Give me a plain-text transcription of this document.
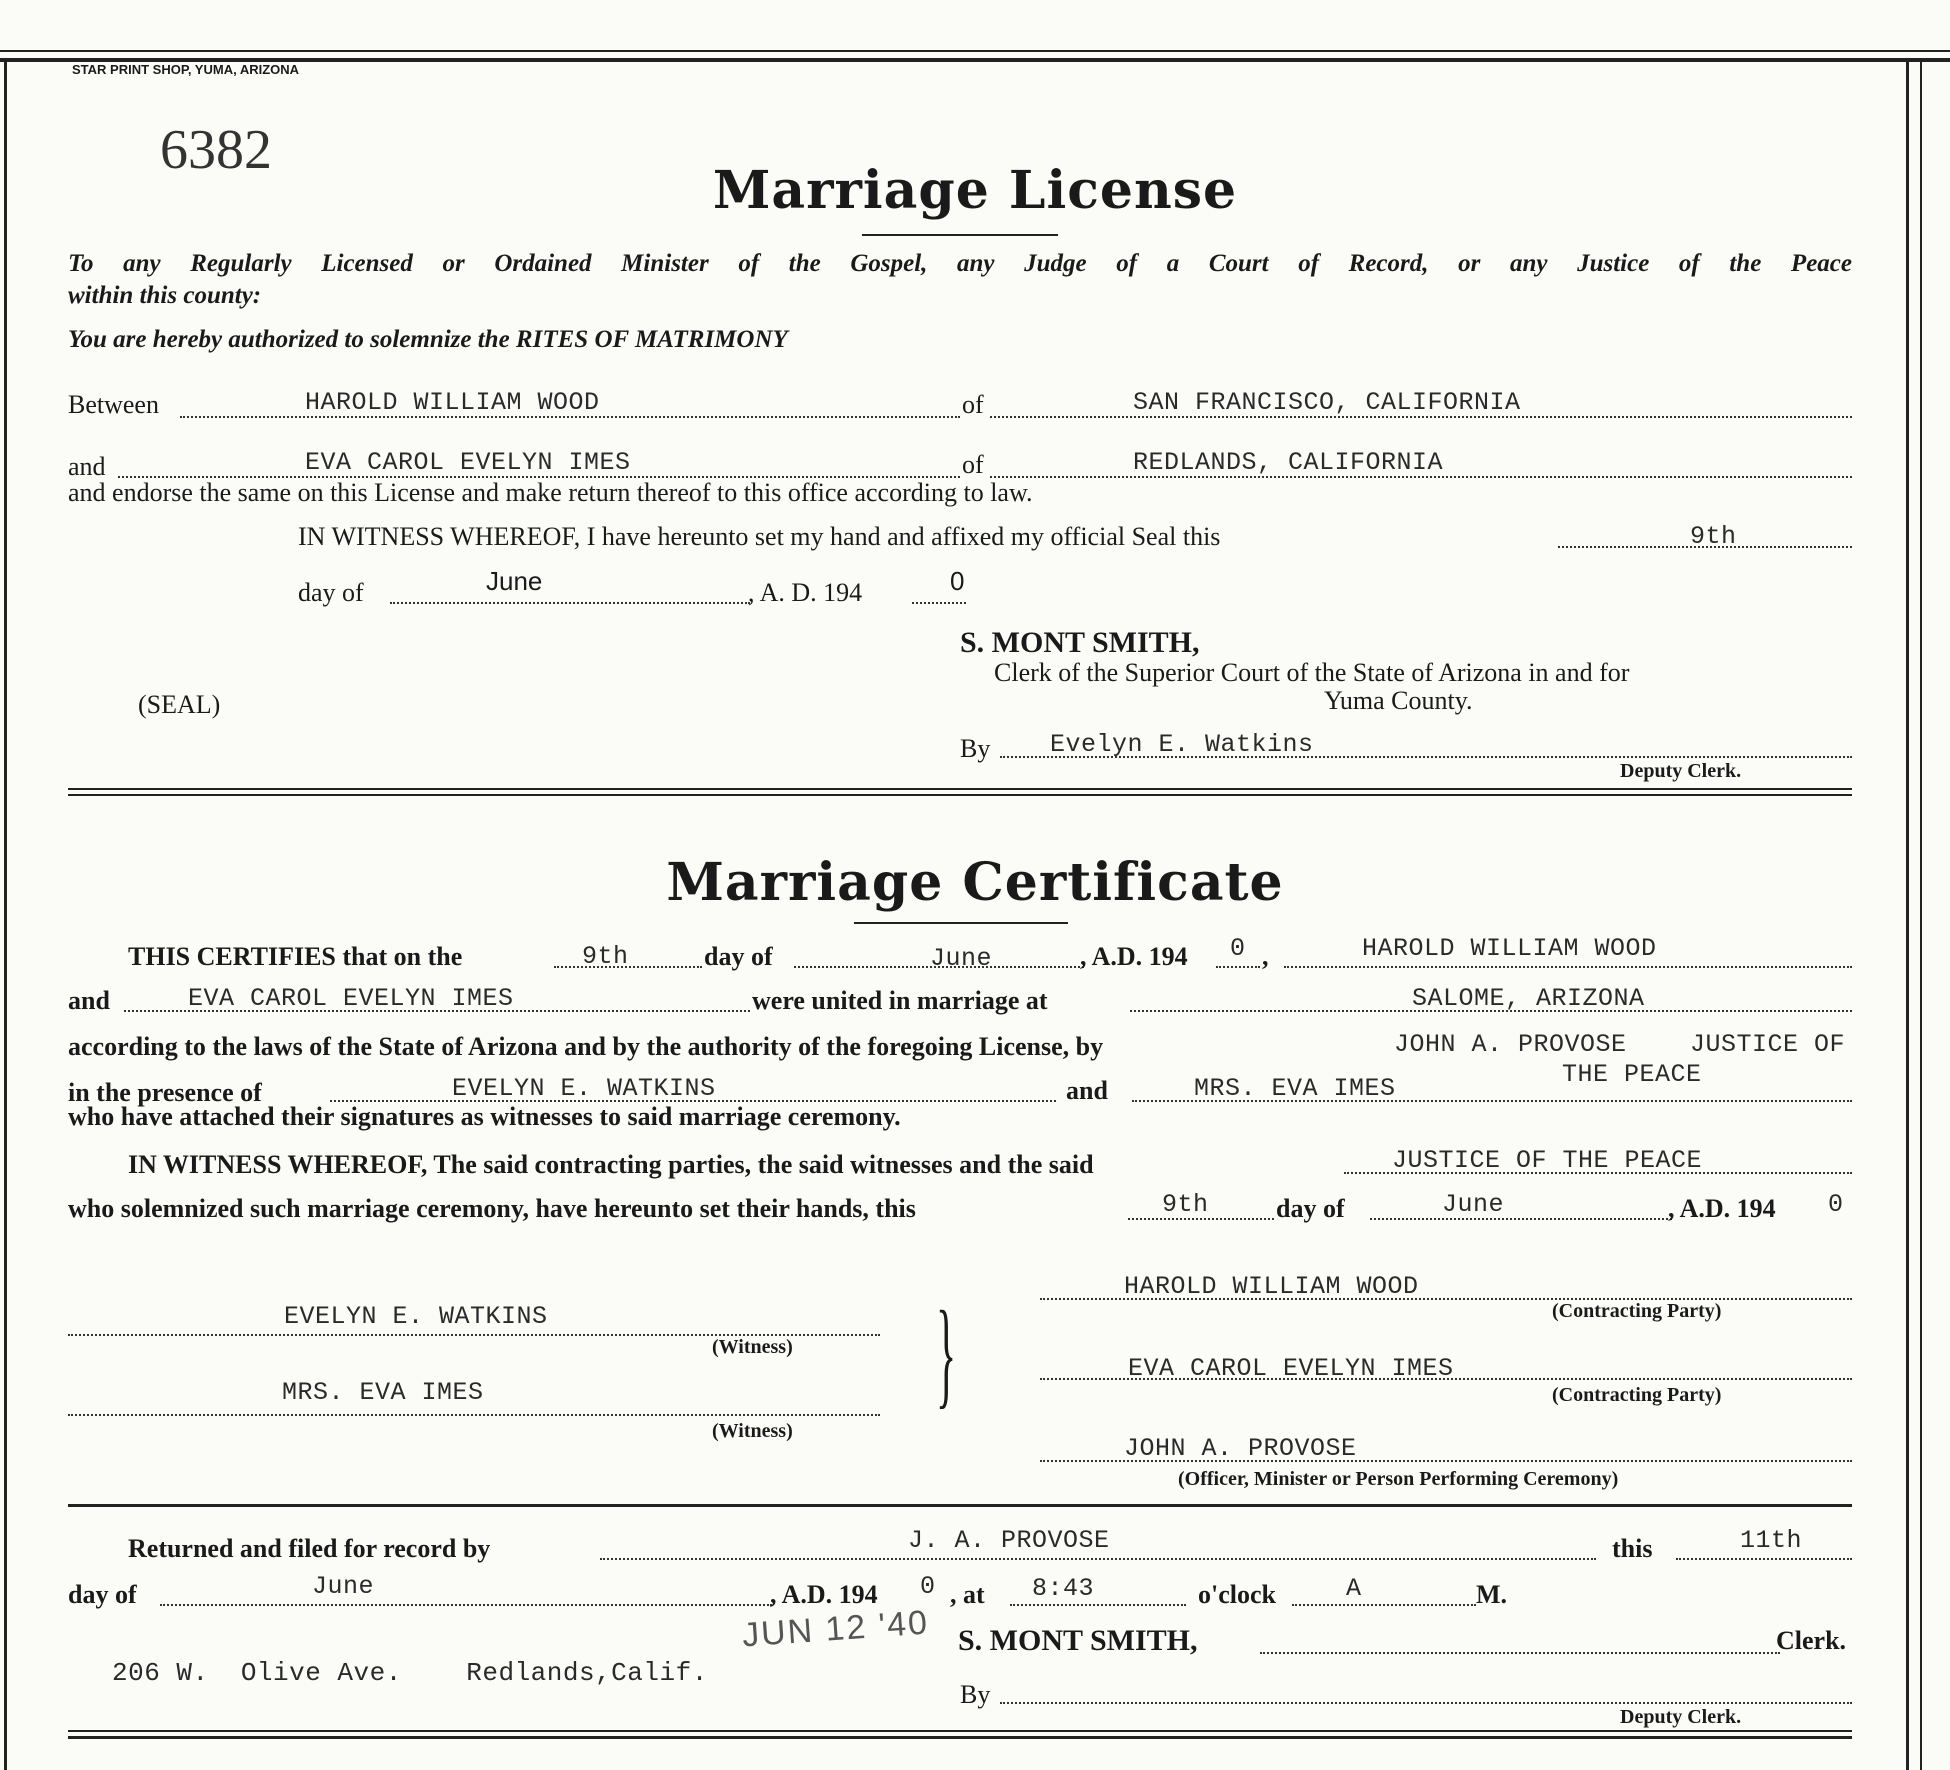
STAR PRINT SHOP, YUMA, ARIZONA
6382
Marriage License
To any Regularly Licensed or Ordained Minister of the Gospel, any Judge of a Court of Record, or any Justice of the Peace
within this county:
You are hereby authorized to solemnize the RITES OF MATRIMONY
Between	HAROLD WILLIAM WOOD	of	SAN FRANCISCO, CALIFORNIA
and	EVA CAROL EVELYN IMES	of	REDLANDS, CALIFORNIA
and endorse the same on this License and make return thereof to this office according to law.
IN WITNESS WHEREOF, I have hereunto set my hand and affixed my official Seal this	9th
day of	June	, A. D. 194	0
S. MONT SMITH,
Clerk of the Superior Court of the State of Arizona in and for
Yuma County.
(SEAL)
By Evelyn E. Watkins
Deputy Clerk.
Marriage Certificate
THIS CERTIFIES that on the	9th	day of	June	, A.D. 194 0 ,	HAROLD WILLIAM WOOD
and	EVA CAROL EVELYN IMES	were united in marriage at	SALOME, ARIZONA
according to the laws of the State of Arizona and by the authority of the foregoing License, by	JOHN A. PROVOSE	JUSTICE OF
in the presence of	EVELYN E. WATKINS	and	MRS. EVA IMES	THE PEACE
who have attached their signatures as witnesses to said marriage ceremony.
IN WITNESS WHEREOF, The said contracting parties, the said witnesses and the said	JUSTICE OF THE PEACE
who solemnized such marriage ceremony, have hereunto set their hands, this	9th	day of	June	, A.D. 194 0
EVELYN E. WATKINS
(Witness)
MRS. EVA IMES
(Witness)
}	HAROLD WILLIAM WOOD
(Contracting Party)
EVA CAROL EVELYN IMES
(Contracting Party)
JOHN A. PROVOSE
(Officer, Minister or Person Performing Ceremony)
Returned and filed for record by	J. A. PROVOSE	this	11th
day of	June	, A.D. 194 0 , at 8:43	o'clock	A	M.
JUN 12 '40
206 W.  Olive Ave.    Redlands,Calif.
S. MONT SMITH,	Clerk.
By
Deputy Clerk.
